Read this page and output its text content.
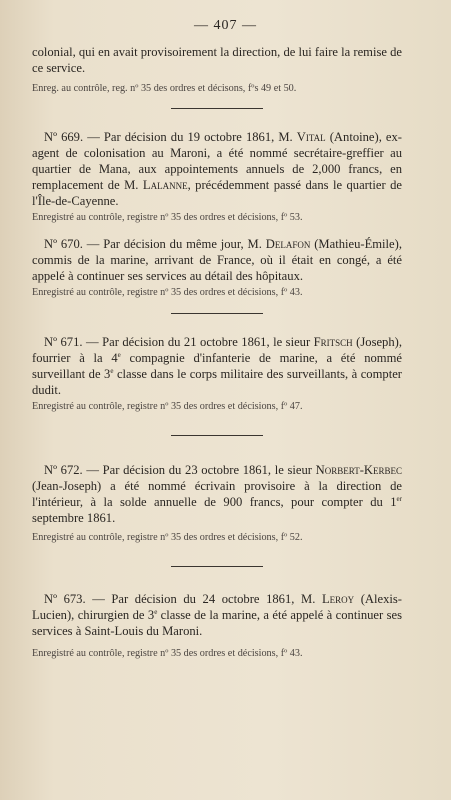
— 407 —

colonial, qui en avait provisoirement la direction, de lui faire la remise de ce service.

Enreg. au contrôle, reg. nº 35 des ordres et décisons, fºs 49 et 50.

Nº 669. — Par décision du 19 octobre 1861, M. Vital (Antoine), ex-agent de colonisation au Maroni, a été nommé secrétaire-greffier au quartier de Mana, aux appointements annuels de 2,000 francs, en remplacement de M. Lalanne, précédemment passé dans le quartier de l'Île-de-Cayenne.

Enregistré au contrôle, registre nº 35 des ordres et décisions, fº 53.

Nº 670. — Par décision du même jour, M. Delafon (Mathieu-Émile), commis de la marine, arrivant de France, où il était en congé, a été appelé à continuer ses services au détail des hôpitaux.

Enregistré au contrôle, registre nº 35 des ordres et décisions, fº 43.

Nº 671. — Par décision du 21 octobre 1861, le sieur Fritsch (Joseph), fourrier à la 4e compagnie d'infanterie de marine, a été nommé surveillant de 3e classe dans le corps militaire des surveillants, à compter dudit.

Enregistré au contrôle, registre nº 35 des ordres et décisions, fº 47.

Nº 672. — Par décision du 23 octobre 1861, le sieur Norbert-Kerbec (Jean-Joseph) a été nommé écrivain provisoire à la direction de l'intérieur, à la solde annuelle de 900 francs, pour compter du 1er septembre 1861.

Enregistré au contrôle, registre nº 35 des ordres et décisions, fº 52.

Nº 673. — Par décision du 24 octobre 1861, M. Leroy (Alexis-Lucien), chirurgien de 3e classe de la marine, a été appelé à continuer ses services à Saint-Louis du Maroni.

Enregistré au contrôle, registre nº 35 des ordres et décisions, fº 43.
